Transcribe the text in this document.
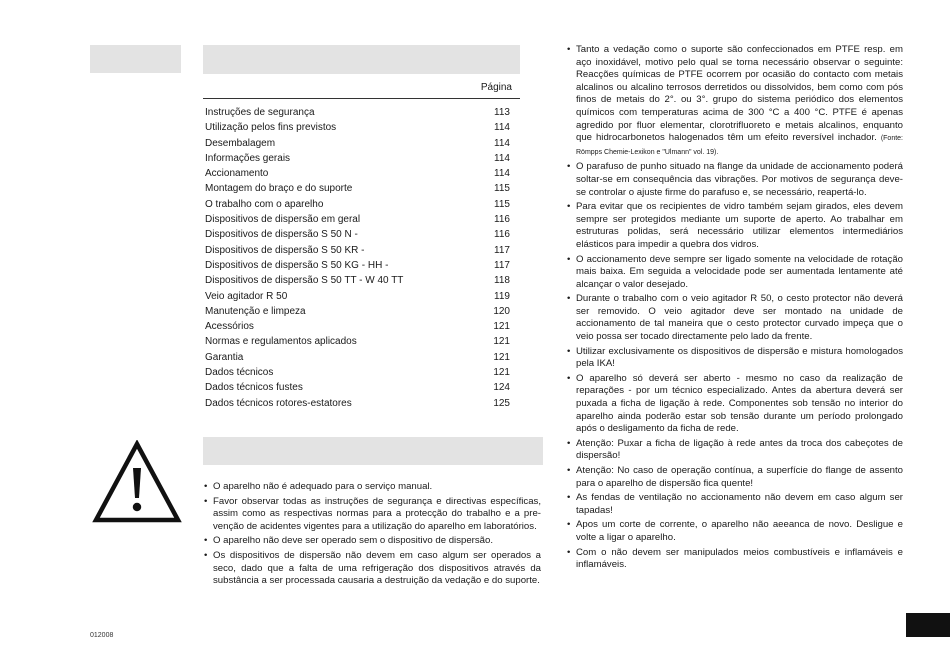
Página
Instruções de segurança	113
Utilização pelos fins previstos	114
Desembalagem	114
Informações gerais	114
Accionamento	114
Montagem do braço e do suporte	115
O trabalho com o aparelho	115
Dispositivos de dispersão em geral	116
Dispositivos de dispersão S 50 N -	116
Dispositivos de dispersão S 50 KR -	117
Dispositivos de dispersão S 50 KG - HH -	117
Dispositivos de dispersão S 50 TT - W 40 TT	118
Veio agitador R 50	119
Manutenção e limpeza	120
Acessórios	121
Normas e regulamentos aplicados	121
Garantia	121
Dados técnicos	121
Dados técnicos fustes	124
Dados técnicos rotores-estatores	125
• O aparelho não é adequado para o serviço manual.
• Favor observar todas as instruções de segurança e directivas específicas, assim como as respectivas normas para a protecção do trabalho e a pre-venção de acidentes vigentes para a utilização do aparelho em laboratórios.
• O aparelho não deve ser operado sem o dispositivo de dispersão.
• Os dispositivos de dispersão não devem em caso algum ser operados a seco, dado que a falta de uma refrigeração dos dispositivos através da substância a ser processada causaria a destruição da vedação e do suporte.
• Tanto a vedação como o suporte são confeccionados em PTFE resp. em aço inoxidável, motivo pelo qual se torna necessário observar o seguinte: Reacções químicas de PTFE ocorrem por ocasião do contacto com metais alcalinos ou alcalino terrosos derretidos ou dissolvidos, bem como com pós finos de metais do 2°. ou 3°. grupo do sistema periódico dos elementos químicos com temperaturas acima de 300 °C a 400 °C. PTFE é apenas agredido por fluor elementar, clorotrifluoreto e metais alcalinos, enquanto que hidrocarbonetos halogenados têm um efeito reversível inchador. (Fonte: Römpps Chemie-Lexikon e "Ulmann" vol. 19).
• O parafuso de punho situado na flange da unidade de accionamento poderá soltar-se em consequência das vibrações. Por motivos de segurança deve-se controlar o ajuste firme do parafuso e, se necessário, reapertá-lo.
• Para evitar que os recipientes de vidro também sejam girados, eles devem sempre ser protegidos mediante um suporte de aperto. Ao trabalhar em estruturas polidas, será necessário utilizar elementos intermediários elásticos para impedir a quebra dos vidros.
• O accionamento deve sempre ser ligado somente na velocidade de rotação mais baixa. Em seguida a velocidade pode ser aumentada lentamente até alcançar o valor desejado.
• Durante o trabalho com o veio agitador R 50, o cesto protector não deverá ser removido. O veio agitador deve ser montado na unidade de accionamento de tal maneira que o cesto protector curvado impeça que o veio possa ser tocado directamente pelo lado da frente.
• Utilizar exclusivamente os dispositivos de dispersão e mistura homologados pela IKA!
• O aparelho só deverá ser aberto - mesmo no caso da realização de reparações - por um técnico especializado. Antes da abertura deverá ser puxada a ficha de ligação à rede. Componentes sob tensão no interior do aparelho ainda poderão estar sob tensão durante um período prolongado após o desligamento da ficha de rede.
• Atenção: Puxar a ficha de ligação à rede antes da troca dos cabeçotes de dispersão!
• Atenção: No caso de operação contínua, a superfície do flange de assento para o aparelho de dispersão fica quente!
• As fendas de ventilação no accionamento não devem em caso algum ser tapadas!
• Apos um corte de corrente, o aparelho não aeeanca de novo. Desligue e volte a ligar o aparelho.
• Com o não devem ser manipulados meios combustíveis e inflamáveis e inflamáveis.
012008
